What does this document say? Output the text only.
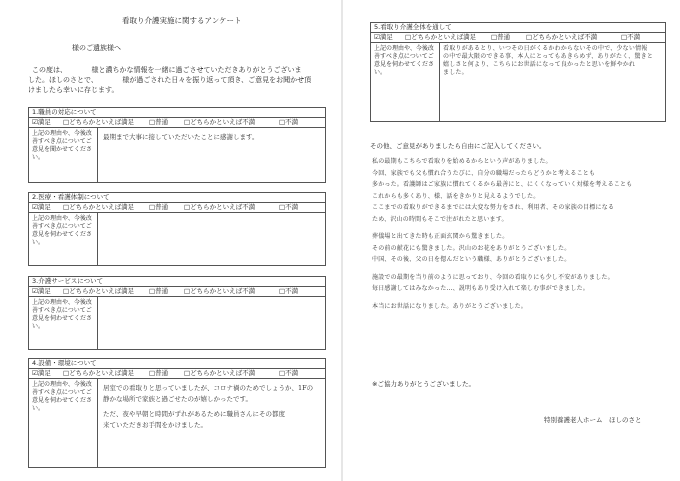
看取り介護実施に関するアンケート
様のご遺族様へ
この度は、　　　　様と濃ちかな情報を一緒に過ごさせていただきありがとうございま
した。ほしのさとで、　　　　様が過ごされた日々を振り返って頂き、ご意見をお聞かせ頂
けましたら幸いに存じます。
1.職員の対応について
☑満足 □どちらかといえば満足 □普通 □どちらかといえば不満	□不満
上記の理由や、今後改善すべき点についてご意見を聞かせてください。
最期まで大事に接していただいたことに感謝します。
2.医療・看護体制について
☑満足 □どちらかといえば満足 □普通 □どちらかといえば不満	□不満
上記の理由や、今後改善すべき点についてご意見を伺わせてください。
3.介護サービスについて
☑満足 □どちらかといえば満足 □普通 □どちらかといえば不満	□不満
上記の理由や、今後改善すべき点についてご意見を伺わせてください。
4.設備・環境について
☑満足 □どちらかといえば満足 □普通 □どちらかといえば不満	□不満
上記の理由や、今後改善すべき点についてご意見を伺わせてください。
居室での看取りと思っていましたが、コロナ禍のためでしょうか、1Fの
静かな場所で家族と過ごせたのが嬉しかったです。
ただ、夜や早朝と時間がずれがあるために職員さんにその都度
来ていただきお手間をかけました。
5.看取り介護全体を通して
☑満足 □どちらかといえば満足 □普通 □どちらかといえば不満	□不満
上記の理由や、今後改善すべき点についてご意見を伺わせてください。
看取りがあるとり、いつその日がくるかわからないその中で、少ない情報
の中で最大限のできる事、本人にとってもあきらめず、ありがたく、驚きと
嬉しさと何より、こちらにお世話になって良かったと思いを鮮やかれ
ました。
その他、ご意見がありましたら自由にご記入してください。
私の最期もこちらで看取りを始めるからという声がありました。
今回、家族でも父も慣れ合うたびに、自分の職場だったらどうかと考えることも
多かった。看護師はご家族に慣れてくるから最善にと、にくくなっていく対様を考えることも
これからも多くあり、様、話をきかりと見えるようでした。
ここまでの看取りができるまでには大変な努力をされ、利用者、その家族の目標になる
ため、沢山の時間もそこで注がれたと思います。
葬儀場と出てきた時も正面玄関から驚きました。
その前の献花にも驚きました。沢山のお花をありがとうございました。
中国、その後、父の日を偲んだという職様、ありがとうございました。
施設での最期を当り前のように思っており、今回の看取りにも少し不安がありました。
毎日感謝してはみなかった…、説明もあり受け入れて楽しむ事ができました。
本当にお世話になりました。ありがとうございました。
※ご協力ありがとうございました。
特別養護老人ホーム　ほしのさと
